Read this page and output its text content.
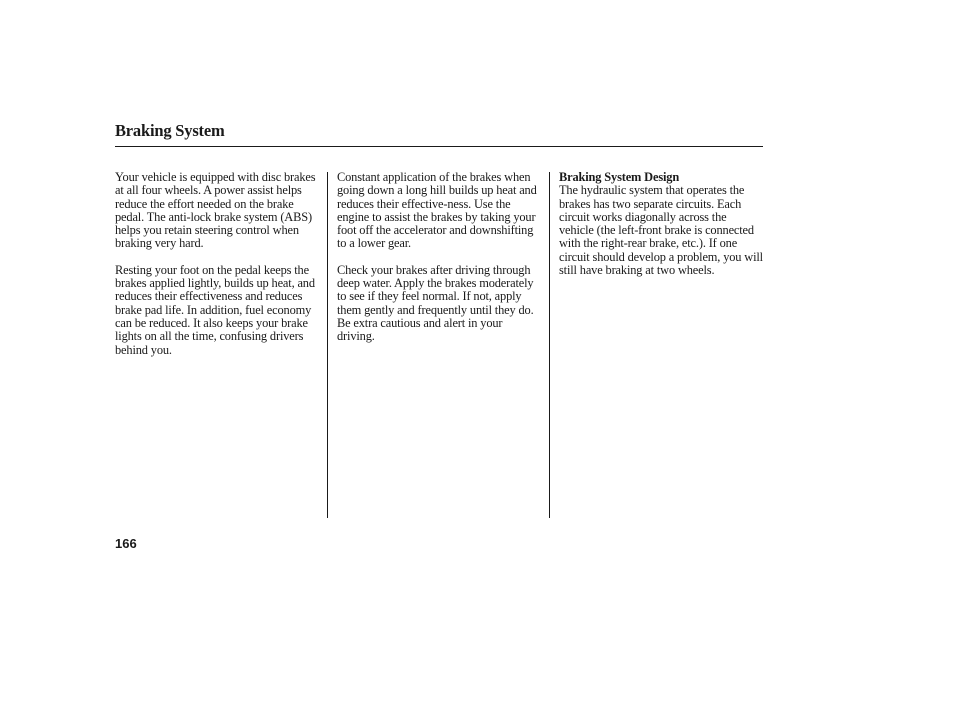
Braking System

Your vehicle is equipped with disc brakes at all four wheels. A power assist helps reduce the effort needed on the brake pedal. The anti-lock brake system (ABS) helps you retain steering control when braking very hard.

Resting your foot on the pedal keeps the brakes applied lightly, builds up heat, and reduces their effectiveness and reduces brake pad life. In addition, fuel economy can be reduced. It also keeps your brake lights on all the time, confusing drivers behind you.

Constant application of the brakes when going down a long hill builds up heat and reduces their effective-ness. Use the engine to assist the brakes by taking your foot off the accelerator and downshifting to a lower gear.

Check your brakes after driving through deep water. Apply the brakes moderately to see if they feel normal. If not, apply them gently and frequently until they do. Be extra cautious and alert in your driving.

Braking System Design
The hydraulic system that operates the brakes has two separate circuits. Each circuit works diagonally across the vehicle (the left-front brake is connected with the right-rear brake, etc.). If one circuit should develop a problem, you will still have braking at two wheels.

166
